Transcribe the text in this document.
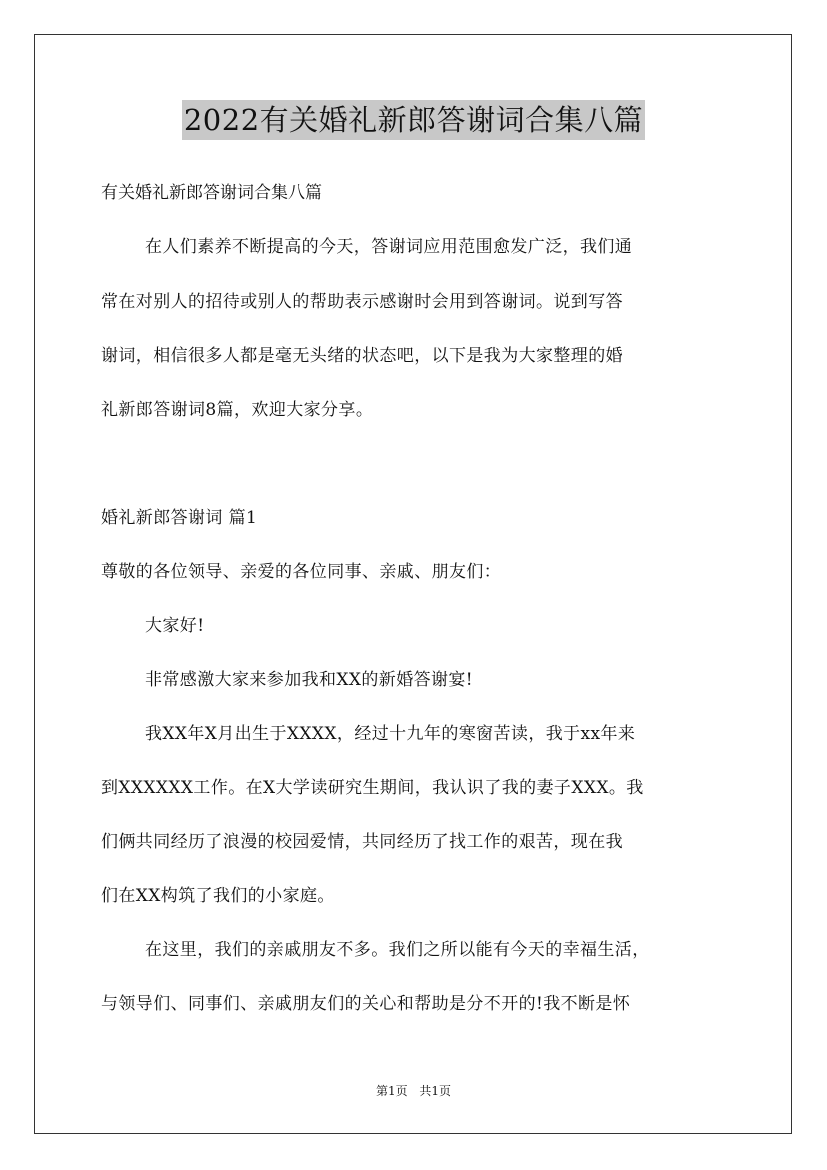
2022有关婚礼新郎答谢词合集八篇
有关婚礼新郎答谢词合集八篇
在人们素养不断提高的今天，答谢词应用范围愈发广泛，我们通
常在对别人的招待或别人的帮助表示感谢时会用到答谢词。说到写答
谢词，相信很多人都是毫无头绪的状态吧，以下是我为大家整理的婚
礼新郎答谢词8篇，欢迎大家分享。
婚礼新郎答谢词 篇1
尊敬的各位领导、亲爱的各位同事、亲戚、朋友们：
大家好!
非常感激大家来参加我和XX的新婚答谢宴!
我XX年X月出生于XXXX，经过十九年的寒窗苦读，我于xx年来
到XXXXXX工作。在X大学读研究生期间，我认识了我的妻子XXX。我
们俩共同经历了浪漫的校园爱情，共同经历了找工作的艰苦，现在我
们在XX构筑了我们的小家庭。
在这里，我们的亲戚朋友不多。我们之所以能有今天的幸福生活，
与领导们、同事们、亲戚朋友们的关心和帮助是分不开的!我不断是怀
第1页 共1页
